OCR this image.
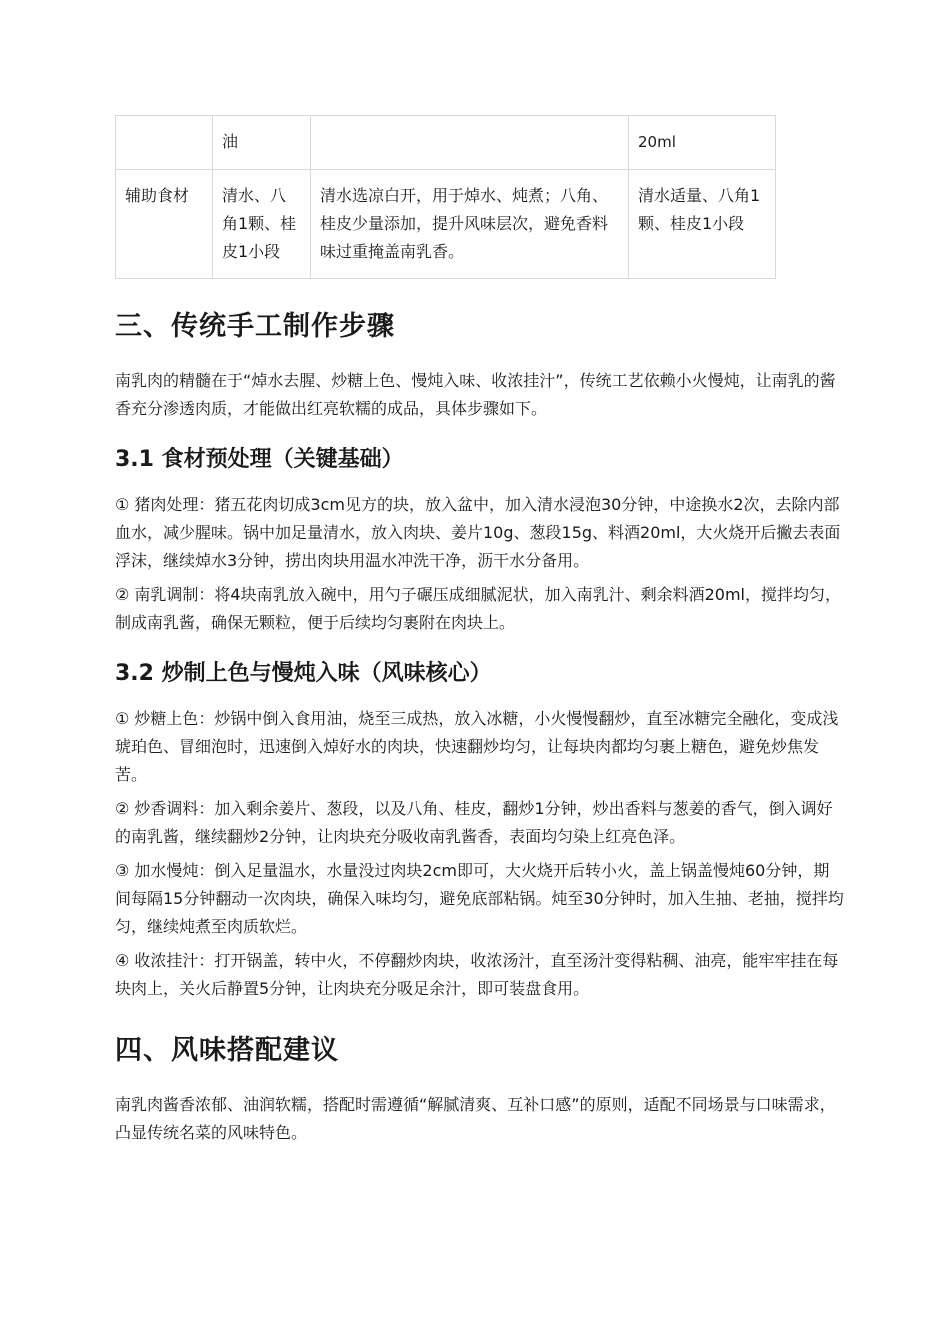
	油		20ml
辅助食材	清水、八角1颗、桂皮1小段	清水选凉白开，用于焯水、炖煮；八角、桂皮少量添加，提升风味层次，避免香料味过重掩盖南乳香。	清水适量、八角1颗、桂皮1小段
三、传统手工制作步骤

南乳肉的精髓在于“焯水去腥、炒糖上色、慢炖入味、收浓挂汁”，传统工艺依赖小火慢炖，让南乳的酱香充分渗透肉质，才能做出红亮软糯的成品，具体步骤如下。

3.1 食材预处理（关键基础）

① 猪肉处理：猪五花肉切成3cm见方的块，放入盆中，加入清水浸泡30分钟，中途换水2次，去除内部血水，减少腥味。锅中加足量清水，放入肉块、姜片10g、葱段15g、料酒20ml，大火烧开后撇去表面浮沫，继续焯水3分钟，捞出肉块用温水冲洗干净，沥干水分备用。

② 南乳调制：将4块南乳放入碗中，用勺子碾压成细腻泥状，加入南乳汁、剩余料酒20ml，搅拌均匀，制成南乳酱，确保无颗粒，便于后续均匀裹附在肉块上。

3.2 炒制上色与慢炖入味（风味核心）

① 炒糖上色：炒锅中倒入食用油，烧至三成热，放入冰糖，小火慢慢翻炒，直至冰糖完全融化，变成浅琥珀色、冒细泡时，迅速倒入焯好水的肉块，快速翻炒均匀，让每块肉都均匀裹上糖色，避免炒焦发苦。

② 炒香调料：加入剩余姜片、葱段，以及八角、桂皮，翻炒1分钟，炒出香料与葱姜的香气，倒入调好的南乳酱，继续翻炒2分钟，让肉块充分吸收南乳酱香，表面均匀染上红亮色泽。

③ 加水慢炖：倒入足量温水，水量没过肉块2cm即可，大火烧开后转小火，盖上锅盖慢炖60分钟，期间每隔15分钟翻动一次肉块，确保入味均匀，避免底部粘锅。炖至30分钟时，加入生抽、老抽，搅拌均匀，继续炖煮至肉质软烂。

④ 收浓挂汁：打开锅盖，转中火，不停翻炒肉块，收浓汤汁，直至汤汁变得粘稠、油亮，能牢牢挂在每块肉上，关火后静置5分钟，让肉块充分吸足余汁，即可装盘食用。

四、风味搭配建议

南乳肉酱香浓郁、油润软糯，搭配时需遵循“解腻清爽、互补口感”的原则，适配不同场景与口味需求，凸显传统名菜的风味特色。
